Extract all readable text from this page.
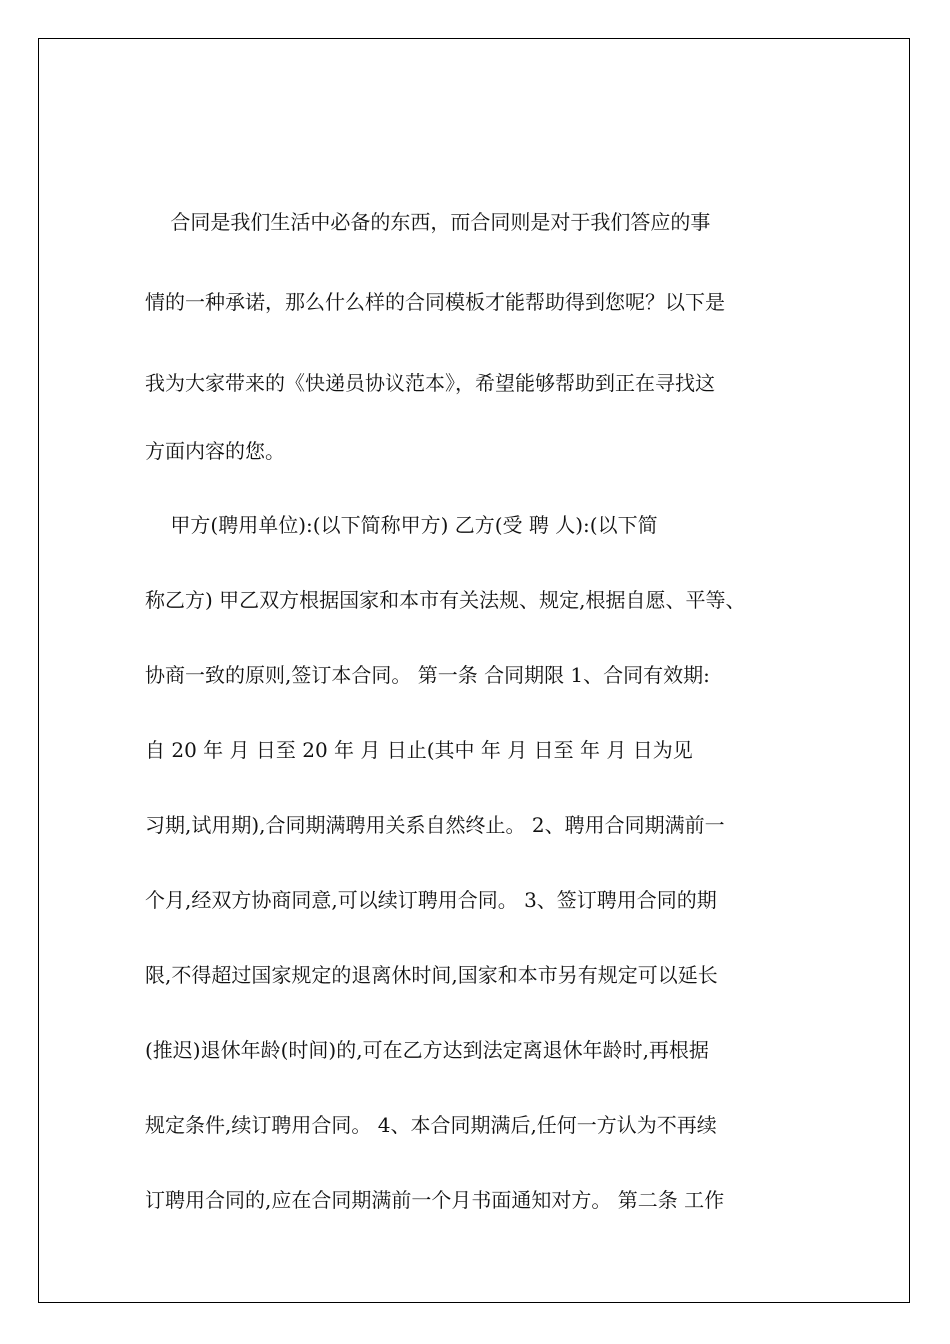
合同是我们生活中必备的东西，而合同则是对于我们答应的事
情的一种承诺，那么什么样的合同模板才能帮助得到您呢？以下是
我为大家带来的《快递员协议范本》，希望能够帮助到正在寻找这
方面内容的您。
甲方(聘用单位):(以下简称甲方) 乙方(受 聘 人):(以下简
称乙方) 甲乙双方根据国家和本市有关法规、规定,根据自愿、平等、
协商一致的原则,签订本合同。 第一条 合同期限 1、合同有效期:
自 20 年 月 日至 20 年 月 日止(其中 年 月 日至 年 月 日为见
习期,试用期),合同期满聘用关系自然终止。 2、聘用合同期满前一
个月,经双方协商同意,可以续订聘用合同。 3、签订聘用合同的期
限,不得超过国家规定的退离休时间,国家和本市另有规定可以延长
(推迟)退休年龄(时间)的,可在乙方达到法定离退休年龄时,再根据
规定条件,续订聘用合同。 4、本合同期满后,任何一方认为不再续
订聘用合同的,应在合同期满前一个月书面通知对方。 第二条 工作
